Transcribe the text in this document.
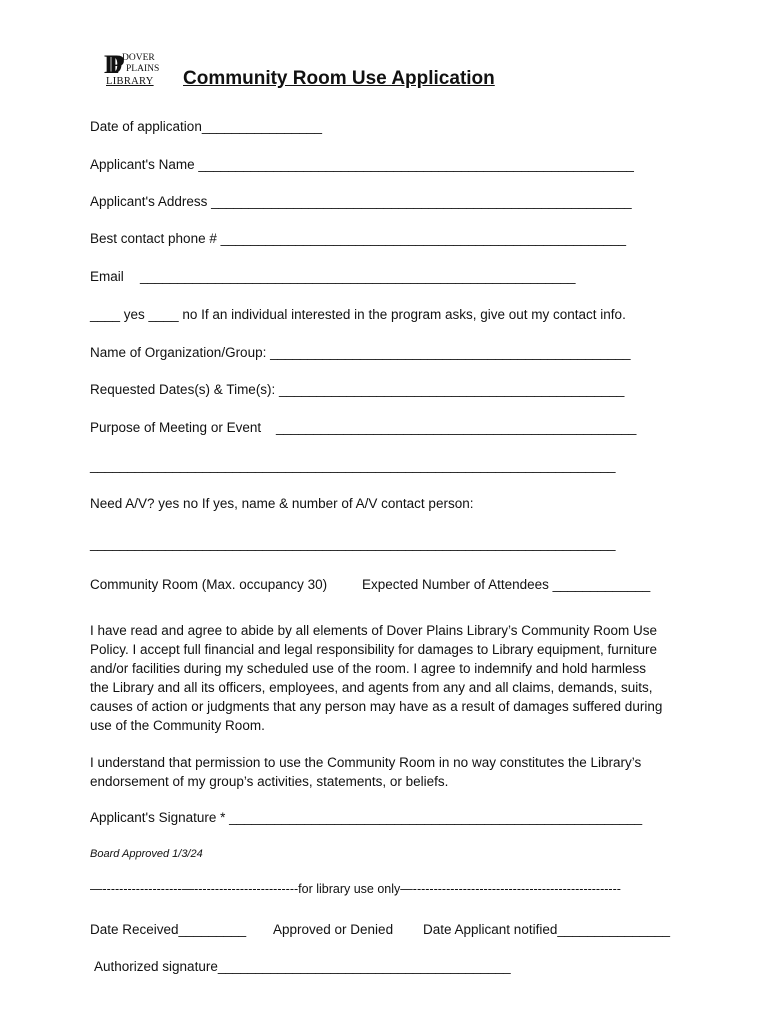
DP DOVER
PLAINS
LIBRARY Community Room Use Application
Date of application________________
Applicant's Name __________________________________________________________
Applicant's Address ________________________________________________________
Best contact phone # ______________________________________________________
Email __________________________________________________________
____ yes ____ no If an individual interested in the program asks, give out my contact info.
Name of Organization/Group: ________________________________________________
Requested Dates(s) & Time(s): ______________________________________________
Purpose of Meeting or Event ________________________________________________
______________________________________________________________________
Need A/V? yes no If yes, name & number of A/V contact person:
______________________________________________________________________
Community Room (Max. occupancy 30)	Expected Number of Attendees _____________
I have read and agree to abide by all elements of Dover Plains Library’s Community Room Use
Policy. I accept full financial and legal responsibility for damages to Library equipment, furniture
and/or facilities during my scheduled use of the room. I agree to indemnify and hold harmless
the Library and all its officers, employees, and agents from any and all claims, demands, suits,
causes of action or judgments that any person may have as a result of damages suffered during
use of the Community Room.
I understand that permission to use the Community Room in no way constitutes the Library’s
endorsement of my group’s activities, statements, or beliefs.
Applicant's Signature * _______________________________________________________
Board Approved 1/3/24
—-------------------—-------------------------for library use only—--------------------------------------------------
Date Received_________ Approved or Denied Date Applicant notified_______________
Authorized signature_______________________________________
